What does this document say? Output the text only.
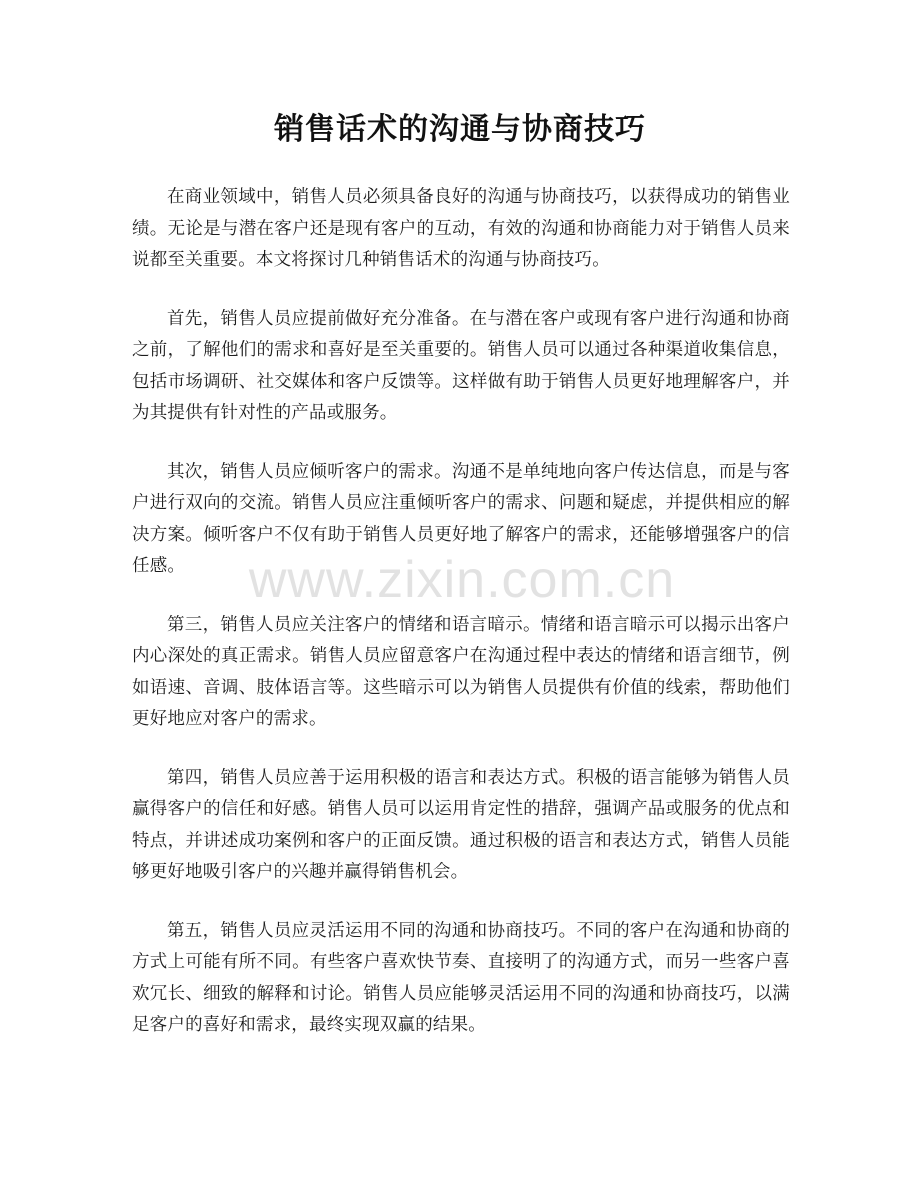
销售话术的沟通与协商技巧

在商业领域中，销售人员必须具备良好的沟通与协商技巧，以获得成功的销售业绩。无论是与潜在客户还是现有客户的互动，有效的沟通和协商能力对于销售人员来说都至关重要。本文将探讨几种销售话术的沟通与协商技巧。

首先，销售人员应提前做好充分准备。在与潜在客户或现有客户进行沟通和协商之前，了解他们的需求和喜好是至关重要的。销售人员可以通过各种渠道收集信息，包括市场调研、社交媒体和客户反馈等。这样做有助于销售人员更好地理解客户，并为其提供有针对性的产品或服务。

其次，销售人员应倾听客户的需求。沟通不是单纯地向客户传达信息，而是与客户进行双向的交流。销售人员应注重倾听客户的需求、问题和疑虑，并提供相应的解决方案。倾听客户不仅有助于销售人员更好地了解客户的需求，还能够增强客户的信任感。

第三，销售人员应关注客户的情绪和语言暗示。情绪和语言暗示可以揭示出客户内心深处的真正需求。销售人员应留意客户在沟通过程中表达的情绪和语言细节，例如语速、音调、肢体语言等。这些暗示可以为销售人员提供有价值的线索，帮助他们更好地应对客户的需求。

第四，销售人员应善于运用积极的语言和表达方式。积极的语言能够为销售人员赢得客户的信任和好感。销售人员可以运用肯定性的措辞，强调产品或服务的优点和特点，并讲述成功案例和客户的正面反馈。通过积极的语言和表达方式，销售人员能够更好地吸引客户的兴趣并赢得销售机会。

第五，销售人员应灵活运用不同的沟通和协商技巧。不同的客户在沟通和协商的方式上可能有所不同。有些客户喜欢快节奏、直接明了的沟通方式，而另一些客户喜欢冗长、细致的解释和讨论。销售人员应能够灵活运用不同的沟通和协商技巧，以满足客户的喜好和需求，最终实现双赢的结果。

www.zixin.com.cn
